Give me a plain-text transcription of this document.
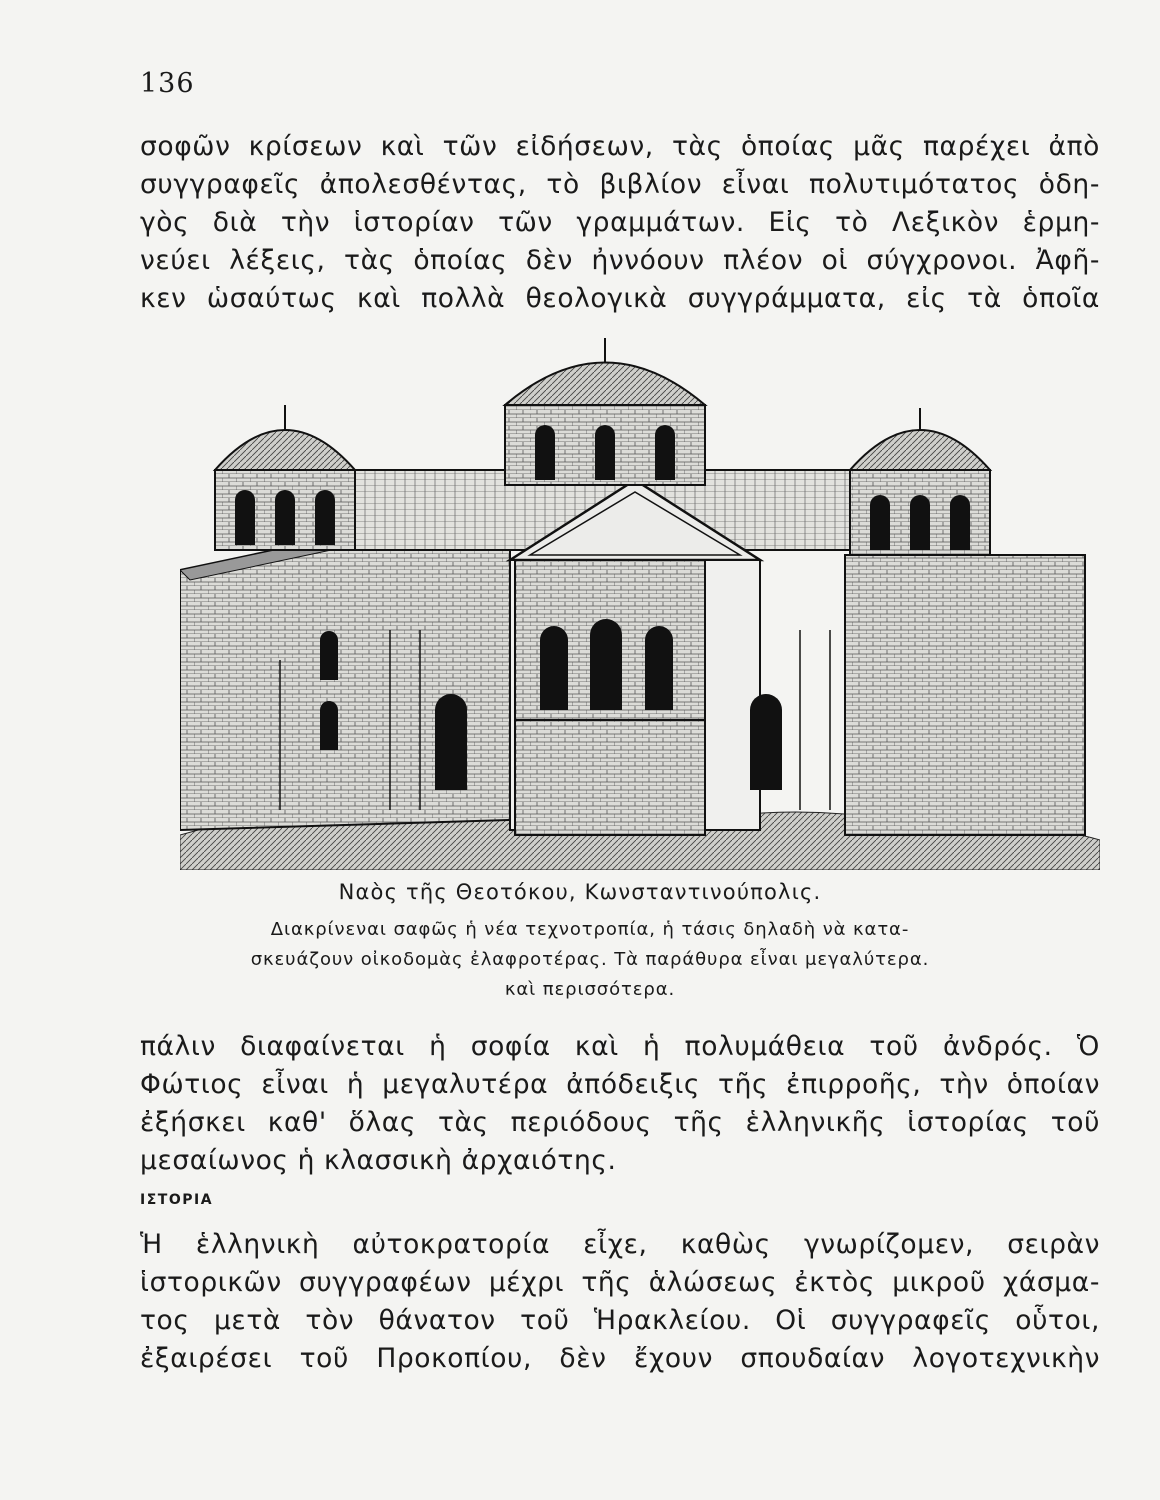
136
σοφῶν κρίσεων καὶ τῶν εἰδήσεων, τὰς ὁποίας μᾶς παρέχει ἀπὸ
συγγραφεῖς ἀπολεσθέντας, τὸ βιβλίον εἶναι πολυτιμότατος ὁδη-
γὸς διὰ τὴν ἱστορίαν τῶν γραμμάτων. Εἰς τὸ Λεξικὸν ἑρμη-
νεύει λέξεις, τὰς ὁποίας δὲν ἠννόουν πλέον οἱ σύγχρονοι. Ἀφῆ-
κεν ὡσαύτως καὶ πολλὰ θεολογικὰ συγγράμματα, εἰς τὰ ὁποῖα
Ναὸς τῆς Θεοτόκου, Κωνσταντινούπολις.
Διακρίνεναι σαφῶς ἡ νέα τεχνοτροπία, ἡ τάσις δηλαδὴ νὰ κατα-
σκευάζουν οἰκοδομὰς ἐλαφροτέρας. Τὰ παράθυρα εἶναι μεγαλύτερα.
καὶ περισσότερα.
πάλιν διαφαίνεται ἡ σοφία καὶ ἡ πολυμάθεια τοῦ ἀνδρός. Ὁ
Φώτιος εἶναι ἡ μεγαλυτέρα ἀπόδειξις τῆς ἐπιρροῆς, τὴν ὁποίαν
ἐξήσκει καθ' ὅλας τὰς περιόδους τῆς ἑλληνικῆς ἱστορίας τοῦ
μεσαίωνος ἡ κλασσικὴ ἀρχαιότης.
ΙΣΤΟΡΙΑ
Ἡ ἑλληνικὴ αὐτοκρατορία εἶχε, καθὼς γνωρίζομεν, σειρὰν
ἱστορικῶν συγγραφέων μέχρι τῆς ἁλώσεως ἐκτὸς μικροῦ χάσμα-
τος μετὰ τὸν θάνατον τοῦ Ἡρακλείου. Οἱ συγγραφεῖς οὗτοι,
ἐξαιρέσει τοῦ Προκοπίου, δὲν ἔχουν σπουδαίαν λογοτεχνικὴν
